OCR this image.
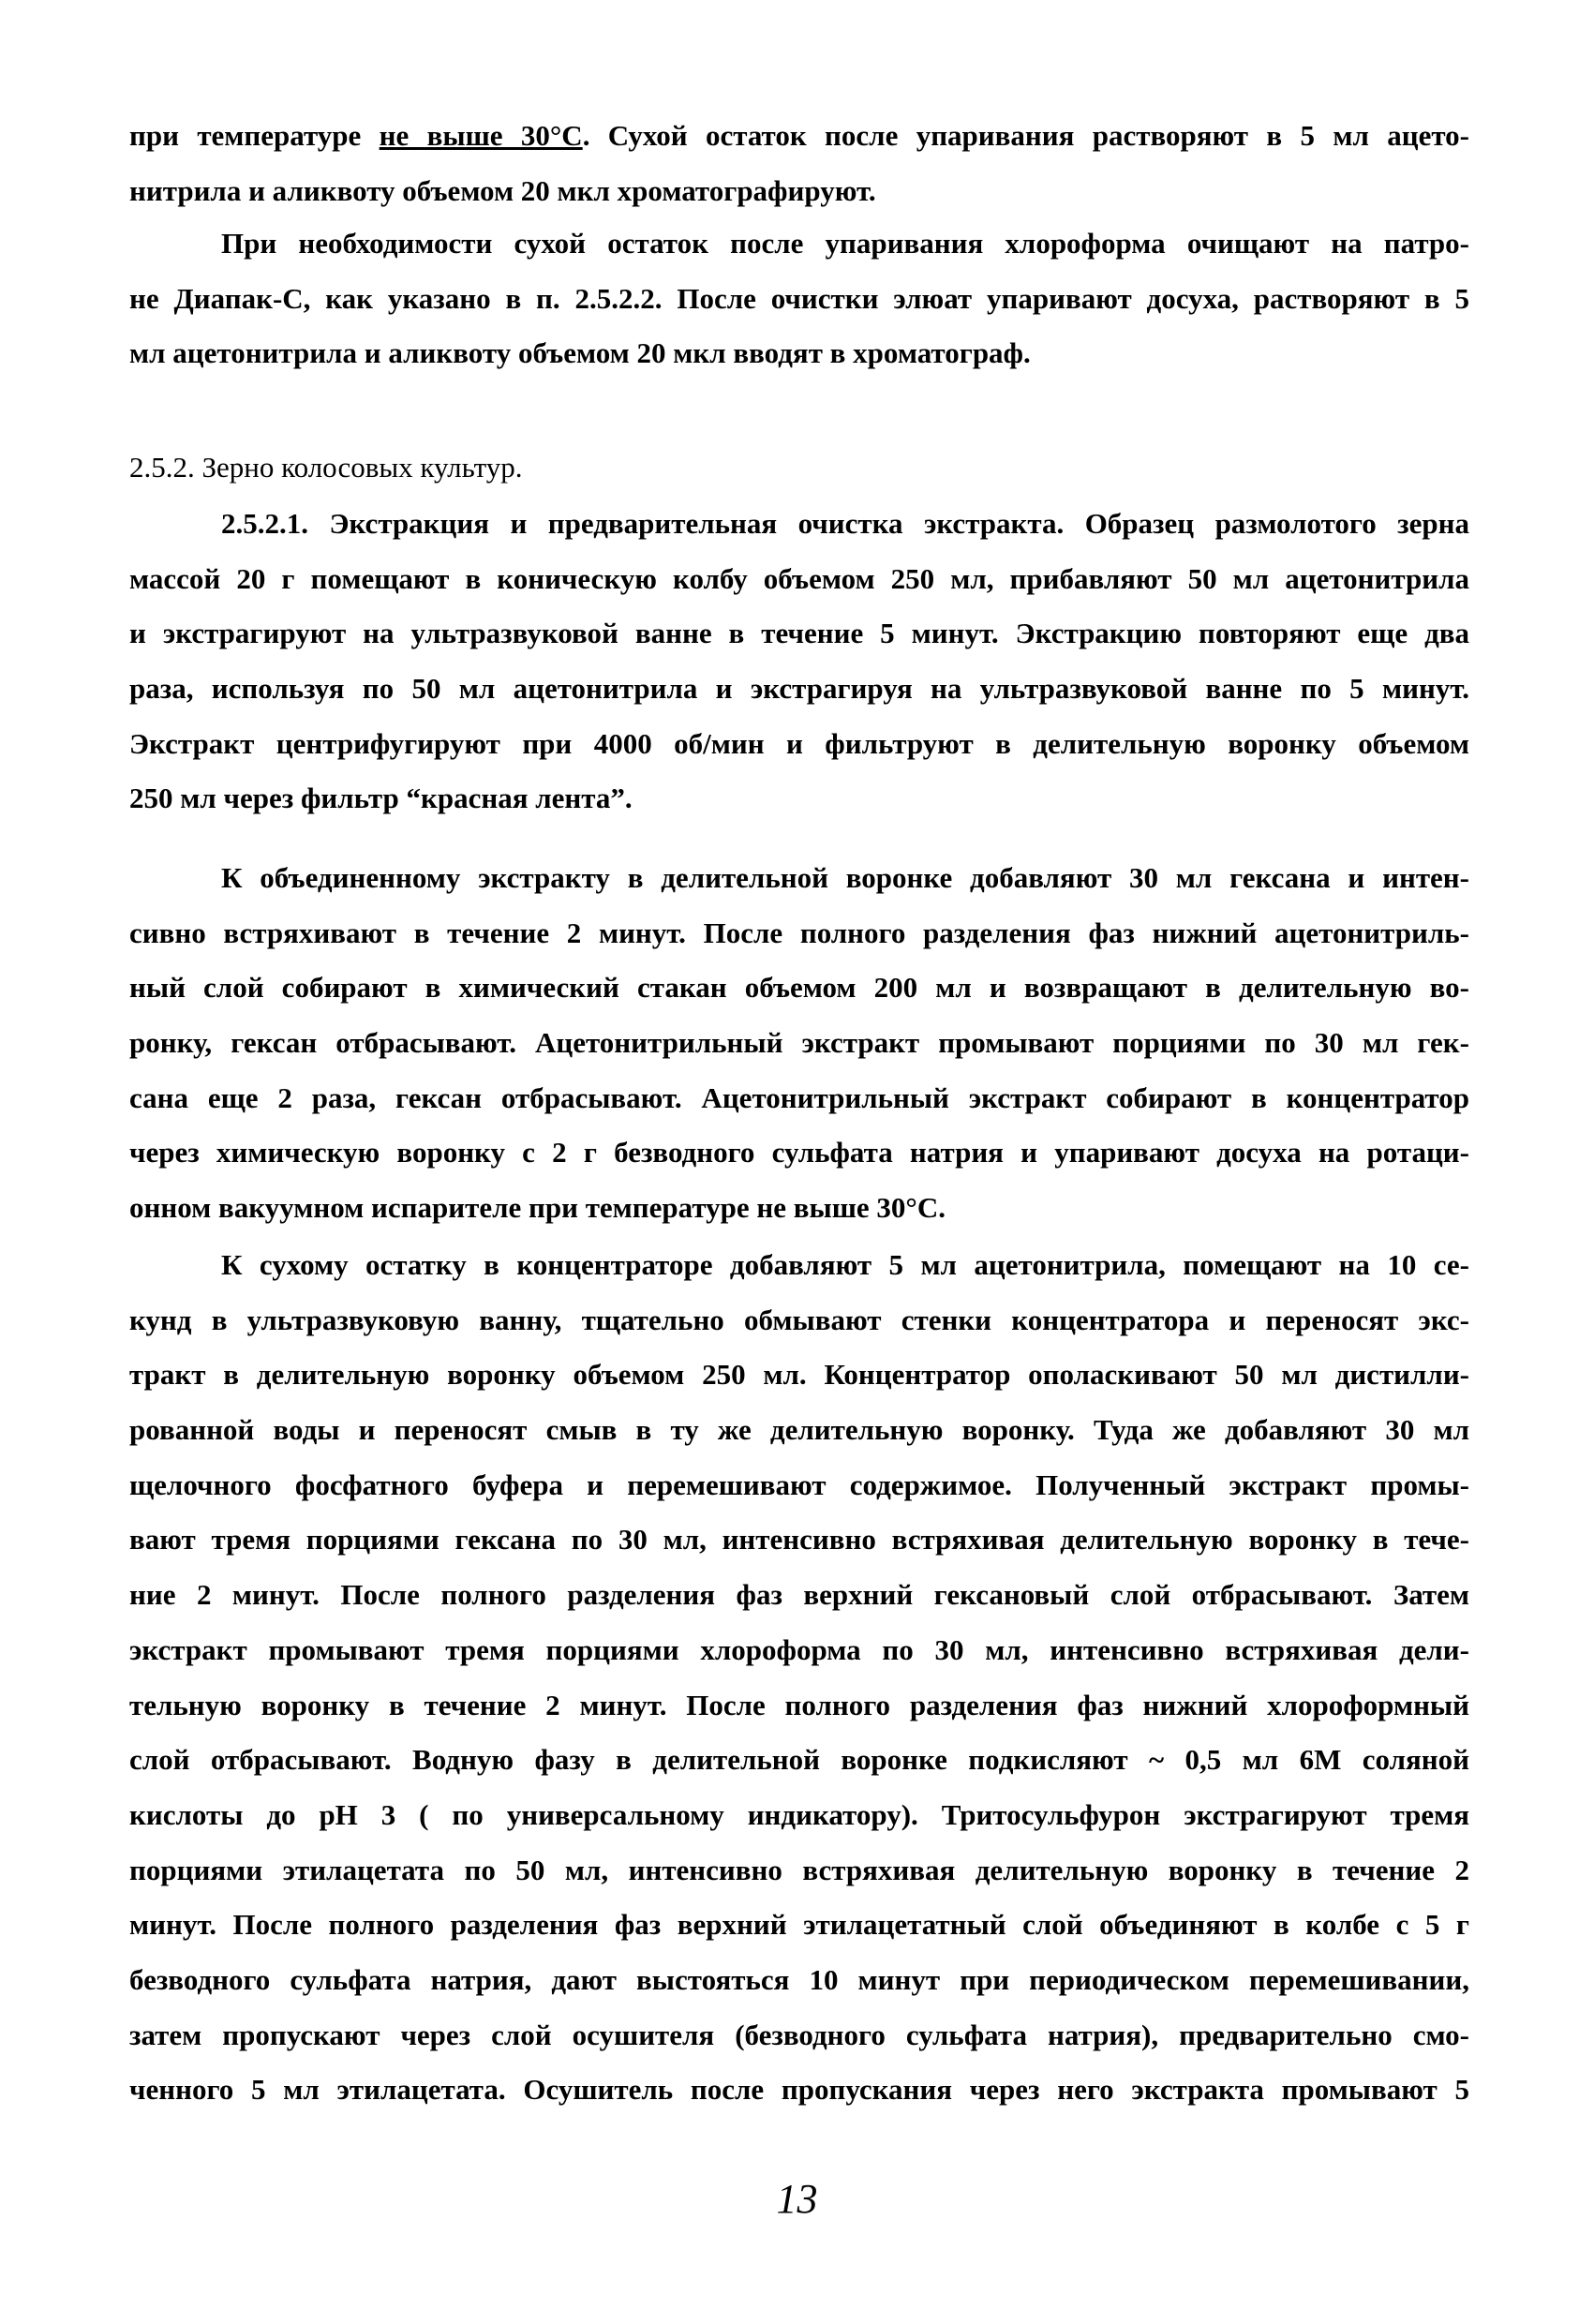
при температуре не выше 30°С. Сухой остаток после упаривания растворяют в 5 мл ацето-
нитрила и аликвоту объемом 20 мкл хроматографируют.
При необходимости сухой остаток после упаривания хлороформа очищают на патро-
не Диапак-С, как указано в п. 2.5.2.2. После очистки элюат упаривают досуха, растворяют в 5
мл ацетонитрила и аликвоту объемом 20 мкл вводят в хроматограф.
2.5.2. Зерно колосовых культур.
2.5.2.1. Экстракция и предварительная очистка экстракта. Образец размолотого зерна
массой 20 г помещают в коническую колбу объемом 250 мл, прибавляют 50 мл ацетонитрила
и экстрагируют на ультразвуковой ванне в течение 5 минут. Экстракцию повторяют еще два
раза, используя по 50 мл ацетонитрила и экстрагируя на ультразвуковой ванне по 5 минут.
Экстракт центрифугируют при 4000 об/мин и фильтруют в делительную воронку объемом
250 мл через фильтр “красная лента”.
К объединенному экстракту в делительной воронке добавляют 30 мл гексана и интен-
сивно встряхивают в течение 2 минут. После полного разделения фаз нижний ацетонитриль-
ный слой собирают в химический стакан объемом 200 мл и возвращают в делительную во-
ронку, гексан отбрасывают. Ацетонитрильный экстракт промывают порциями по 30 мл гек-
сана еще 2 раза, гексан отбрасывают. Ацетонитрильный экстракт собирают в концентратор
через химическую воронку с 2 г безводного сульфата натрия и упаривают досуха на ротаци-
онном вакуумном испарителе при температуре не выше 30°С.
К сухому остатку в концентраторе добавляют 5 мл ацетонитрила, помещают на 10 се-
кунд в ультразвуковую ванну, тщательно обмывают стенки концентратора и переносят экс-
тракт в делительную воронку объемом 250 мл. Концентратор ополаскивают 50 мл дистилли-
рованной воды и переносят смыв в ту же делительную воронку. Туда же добавляют 30 мл
щелочного фосфатного буфера и перемешивают содержимое. Полученный экстракт промы-
вают тремя порциями гексана по 30 мл, интенсивно встряхивая делительную воронку в тече-
ние 2 минут. После полного разделения фаз верхний гексановый слой отбрасывают. Затем
экстракт промывают тремя порциями хлороформа по 30 мл, интенсивно встряхивая дели-
тельную воронку в течение 2 минут. После полного разделения фаз нижний хлороформный
слой отбрасывают. Водную фазу в делительной воронке подкисляют ~ 0,5 мл 6М соляной
кислоты до рН 3 ( по универсальному индикатору). Тритосульфурон экстрагируют тремя
порциями этилацетата по 50 мл, интенсивно встряхивая делительную воронку в течение 2
минут. После полного разделения фаз верхний этилацетатный слой объединяют в колбе с 5 г
безводного сульфата натрия, дают выстояться 10 минут при периодическом перемешивании,
затем пропускают через слой осушителя (безводного сульфата натрия), предварительно смо-
ченного 5 мл этилацетата. Осушитель после пропускания через него экстракта промывают 5
13
